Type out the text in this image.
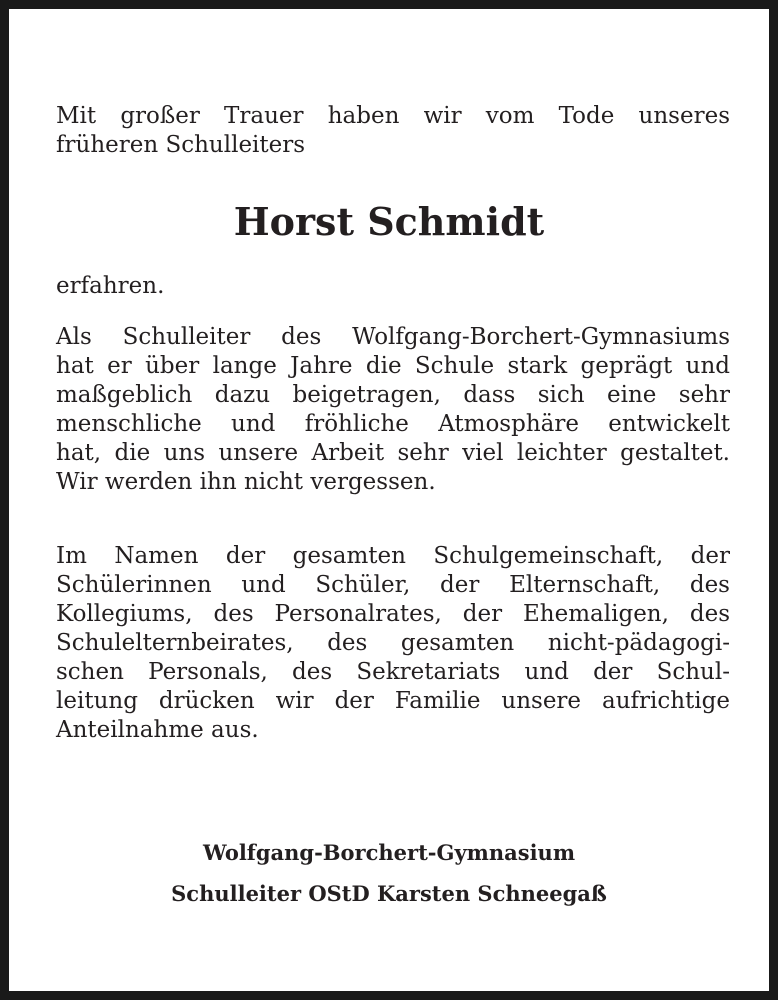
Mit großer Trauer haben wir vom Tode unseres
früheren Schulleiters

Horst Schmidt

erfahren.

Als Schulleiter des Wolfgang-Borchert-Gymnasiums
hat er über lange Jahre die Schule stark geprägt und
maßgeblich dazu beigetragen, dass sich eine sehr
menschliche und fröhliche Atmosphäre entwickelt
hat, die uns unsere Arbeit sehr viel leichter gestaltet.
Wir werden ihn nicht vergessen.

Im Namen der gesamten Schulgemeinschaft, der
Schülerinnen und Schüler, der Elternschaft, des
Kollegiums, des Personalrates, der Ehemaligen, des
Schulelternbeirates, des gesamten nicht-pädagogi-
schen Personals, des Sekretariats und der Schul-
leitung drücken wir der Familie unsere aufrichtige
Anteilnahme aus.

Wolfgang-Borchert-Gymnasium

Schulleiter OStD Karsten Schneegaß
